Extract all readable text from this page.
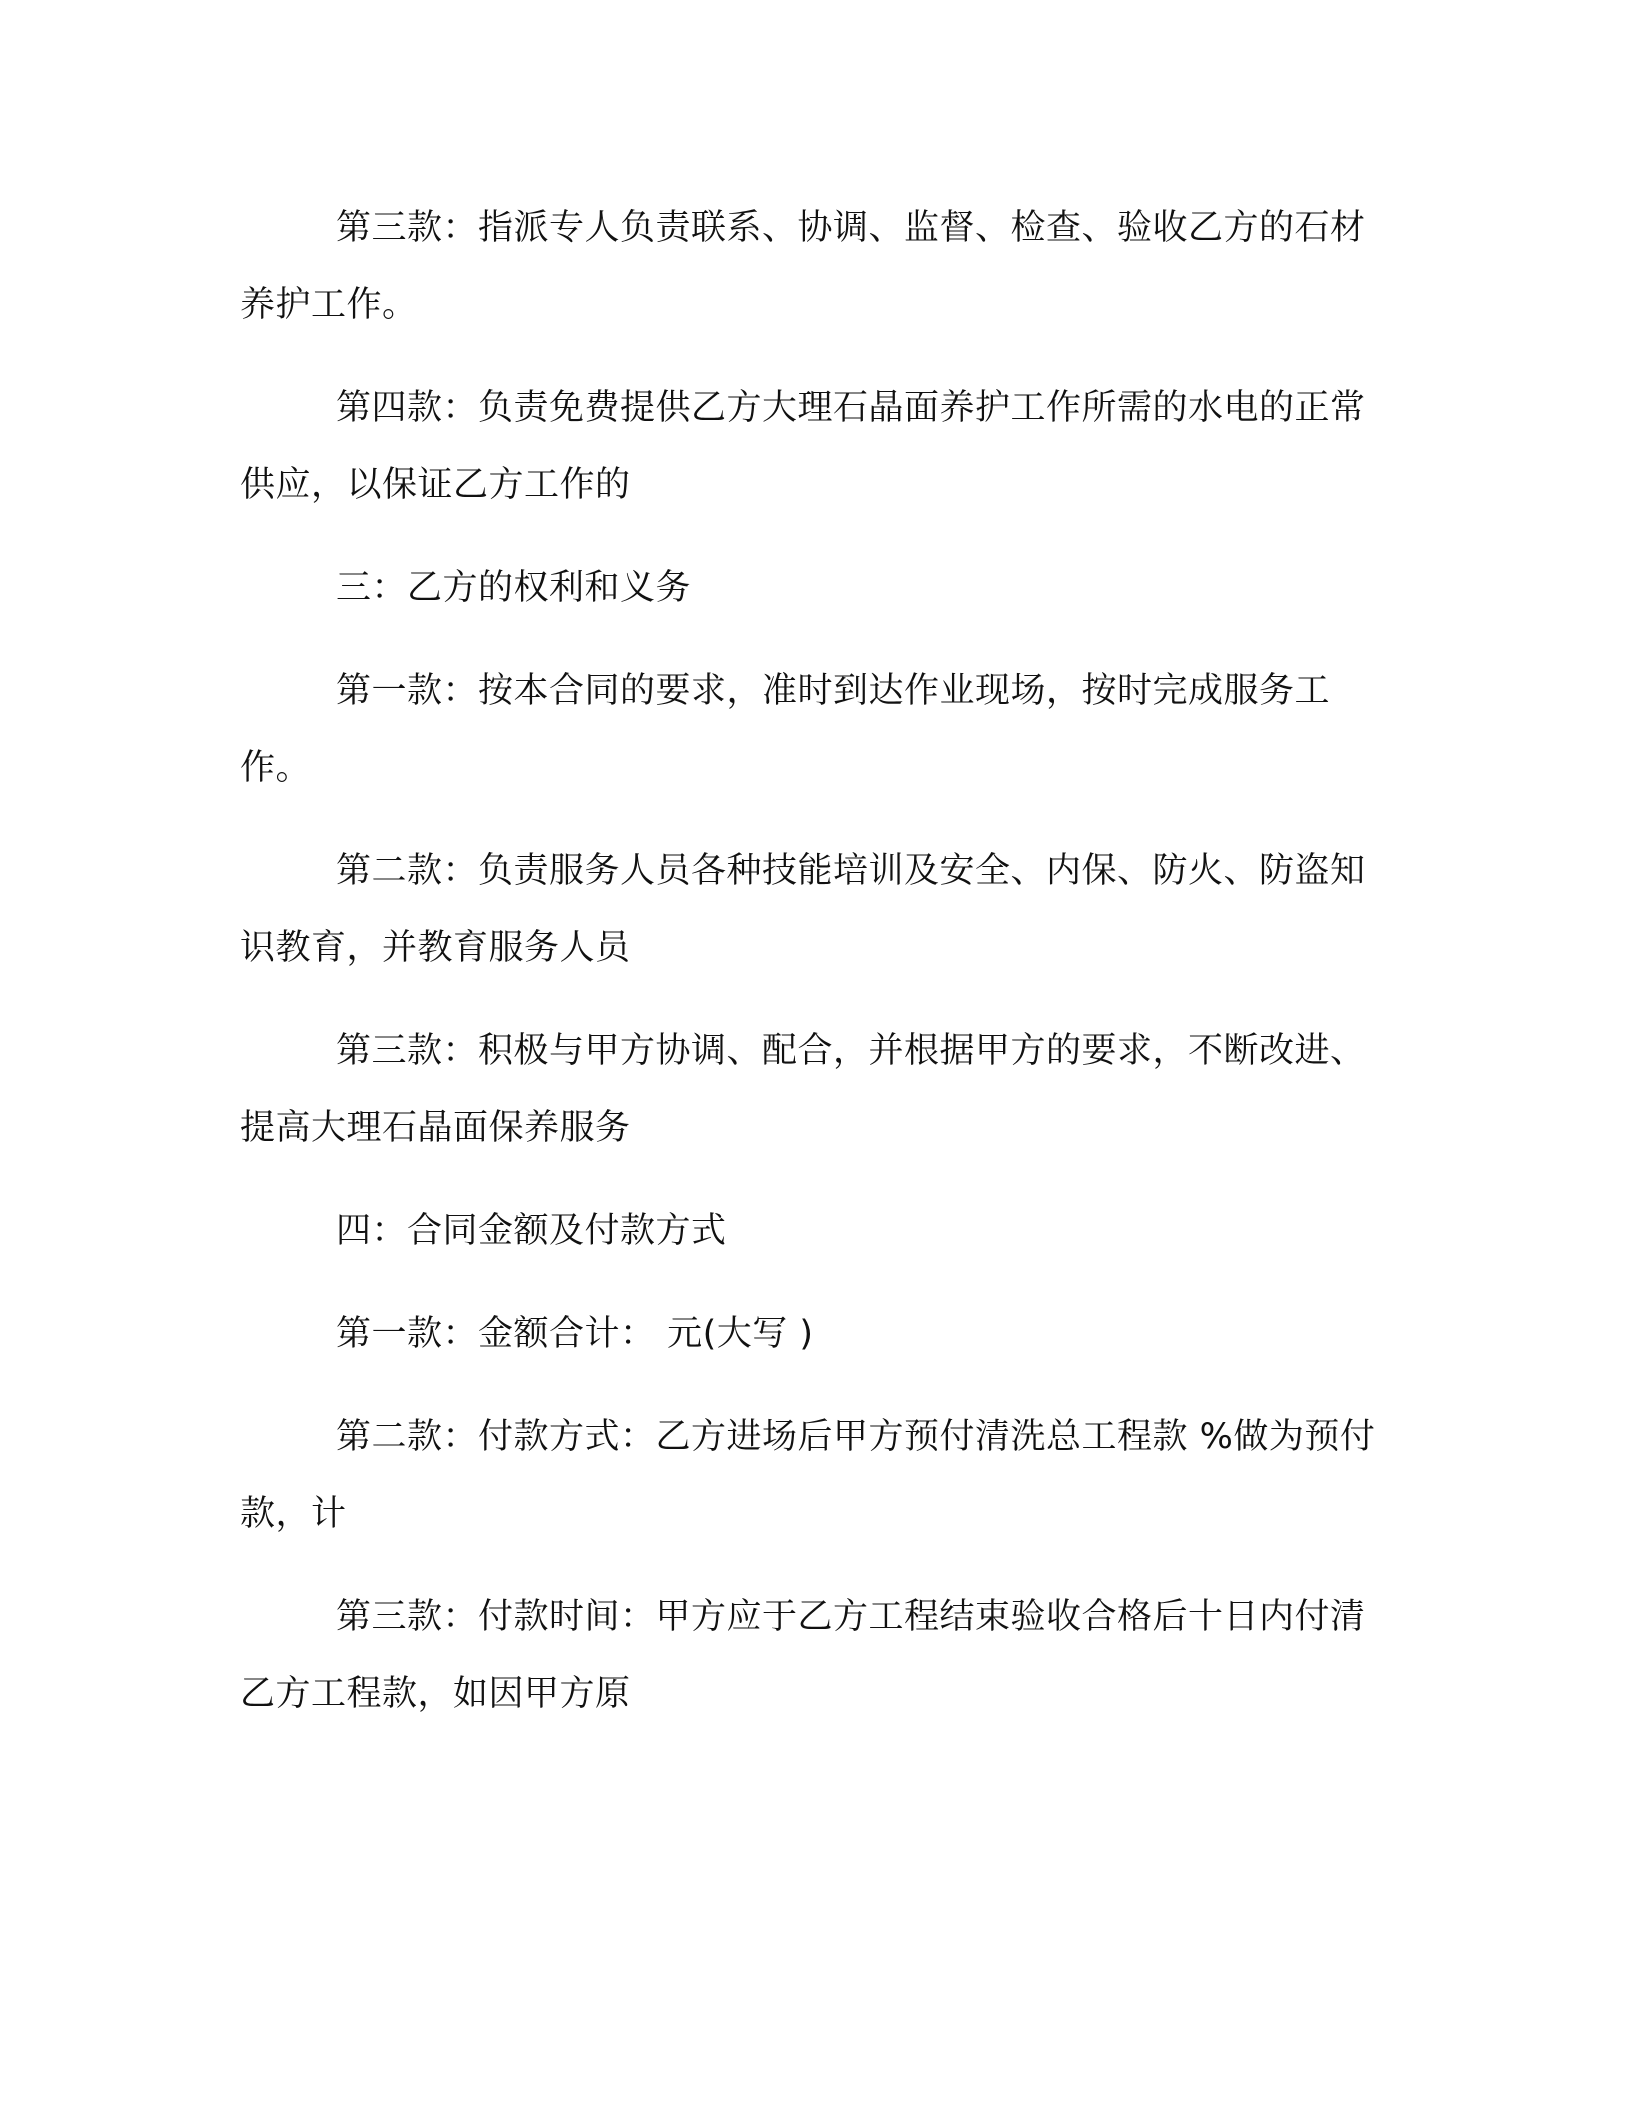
第三款：指派专人负责联系、协调、监督、检查、验收乙方的石材养护工作。

第四款：负责免费提供乙方大理石晶面养护工作所需的水电的正常供应，以保证乙方工作的

三：乙方的权利和义务

第一款：按本合同的要求，准时到达作业现场，按时完成服务工作。

第二款：负责服务人员各种技能培训及安全、内保、防火、防盗知识教育，并教育服务人员

第三款：积极与甲方协调、配合，并根据甲方的要求，不断改进、提高大理石晶面保养服务

四：合同金额及付款方式

第一款：金额合计： 元(大写 )

第二款：付款方式：乙方进场后甲方预付清洗总工程款 %做为预付款，计

第三款：付款时间：甲方应于乙方工程结束验收合格后十日内付清乙方工程款，如因甲方原
